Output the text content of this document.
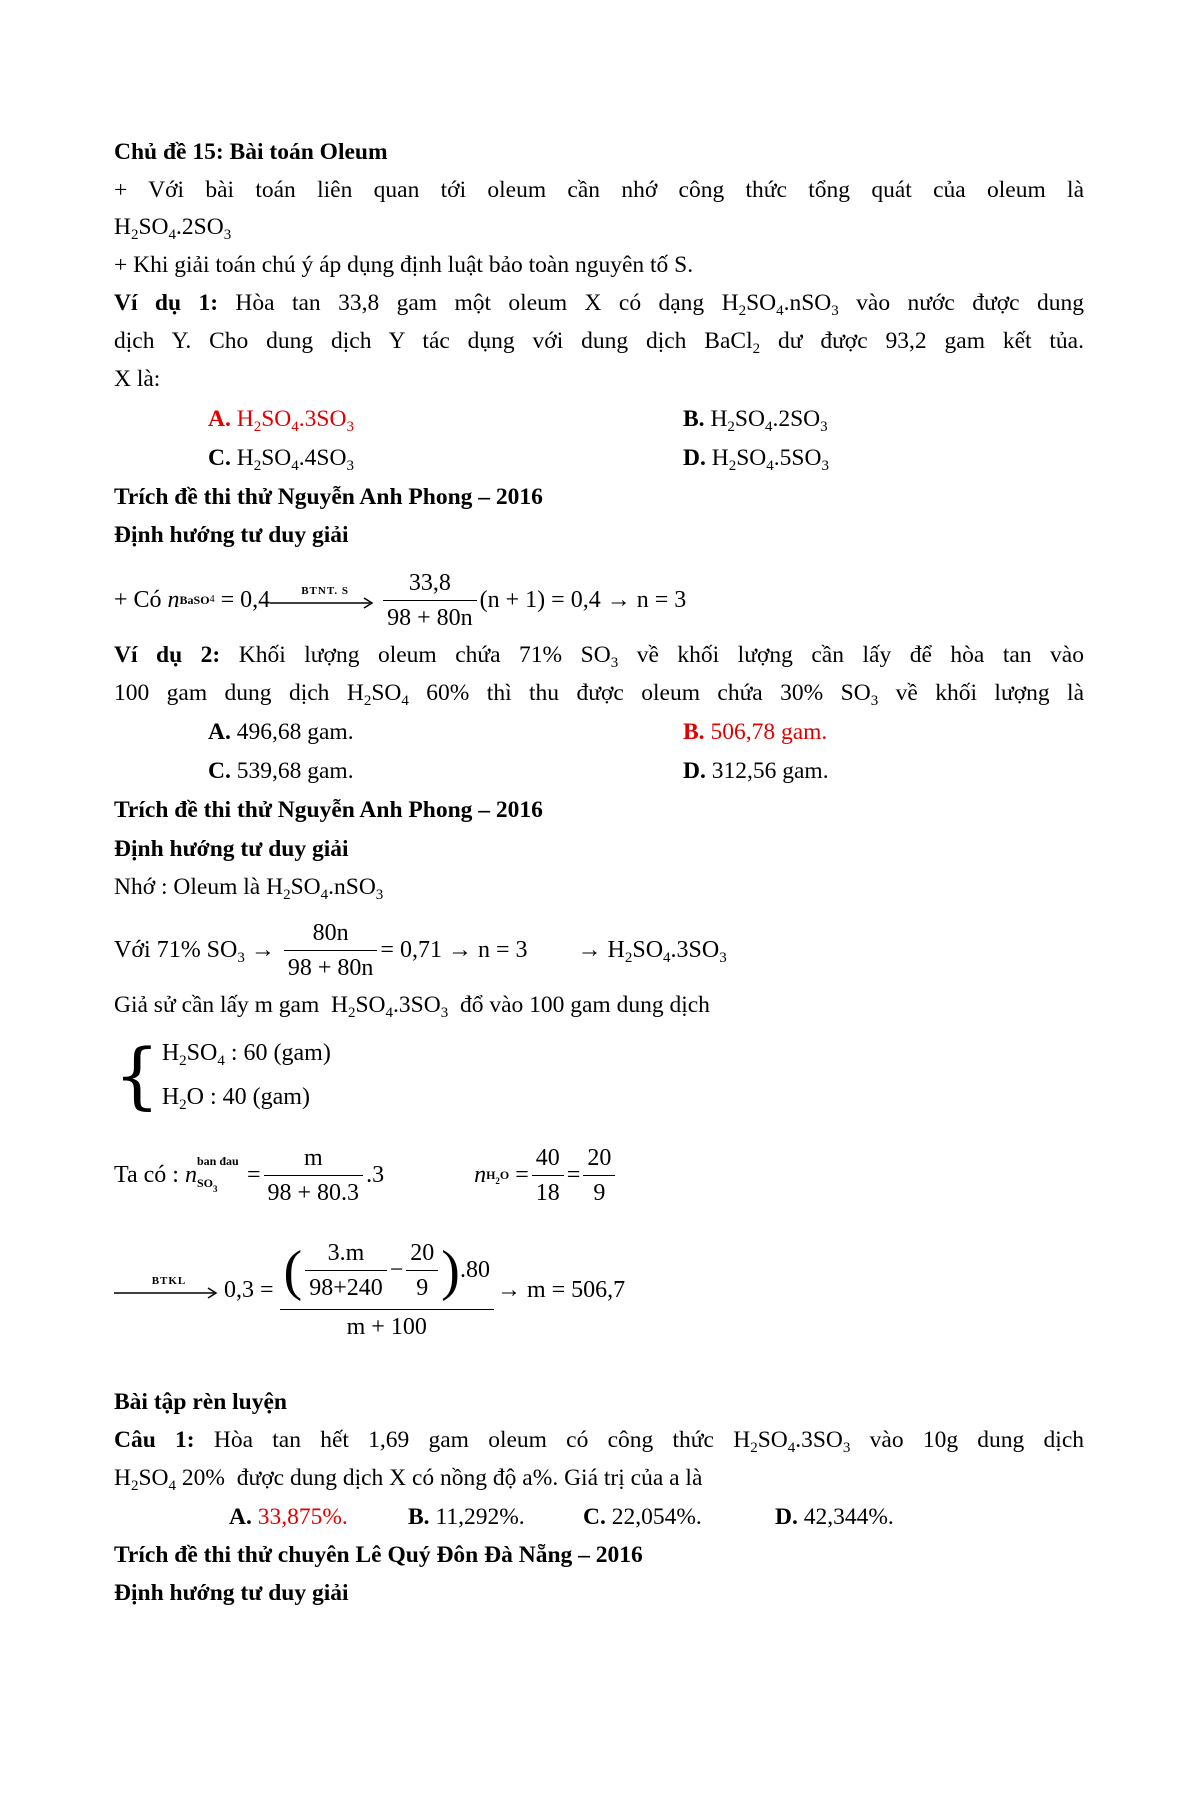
Chủ đề 15: Bài toán Oleum
+ Với bài toán liên quan tới oleum cần nhớ công thức tổng quát của oleum là
$H_2SO_4.2SO_3$
+ Khi giải toán chú ý áp dụng định luật bảo toàn nguyên tố S.
Ví dụ 1: Hòa tan 33,8 gam một oleum X có dạng $H_2SO_4.nSO_3$ vào nước được dung
dịch Y. Cho dung dịch Y tác dụng với dung dịch BaCl$_2$ dư được 93,2 gam kết tủa.
X là:
A. $H_2SO_4.3SO_3$	B. $H_2SO_4.2SO_3$
C. $H_2SO_4.4SO_3$	D. $H_2SO_4.5SO_3$
Trích đề thi thử Nguyễn Anh Phong – 2016
Định hướng tư duy giải
+ Có
n BaSO 4
= 0,4	BTNT. S	$\frac{33,8}{98 + 80n} (n + 1) = 0,4 \to n = 3$
Ví dụ 2: Khối lượng oleum chứa 71% $SO_3$ về khối lượng cần lấy để hòa tan vào
100 gam dung dịch $H_2SO_4$ 60% thì thu được oleum chứa 30% $SO_3$ về khối lượng là
A. 496,68 gam.	B. 506,78 gam.
C. 539,68 gam.	D. 312,56 gam.
Trích đề thi thử Nguyễn Anh Phong – 2016
Định hướng tư duy giải
Nhớ : Oleum là $H_2SO_4.nSO_3$
Với 71% $SO_3$ →
$\frac{80n}{98 + 80n} = 0,71 \to n = 3 \to H_2SO_4.3SO_3$
Giả sử cần lấy m gam  $H_2SO_4.3SO_3$  đổ vào 100 gam dung dịch
{ $H_2SO_4$ : 60 (gam)
$H_2O$ : 40 (gam)
Ta có :
n
ban đau
$SO_3$
= $\frac{m}{98 + 80.3} .3$	n $H_2O = \frac{40}{18} = \frac{20}{9}$
BTKL	0,3 = ( $\frac{3.m}{98+240} - \frac{20}{9}$ ) .80
m + 100
→ m = 506,7
Bài tập rèn luyện
Câu 1: Hòa tan hết 1,69 gam oleum có công thức $H_2SO_4.3SO_3$ vào 10g dung dịch
$H_2SO_4$ 20%  được dung dịch X có nồng độ a%. Giá trị của a là
A. 33,875%.	B. 11,292%. C. 22,054%.	D. 42,344%.
Trích đề thi thử chuyên Lê Quý Đôn Đà Nẵng – 2016
Định hướng tư duy giải
